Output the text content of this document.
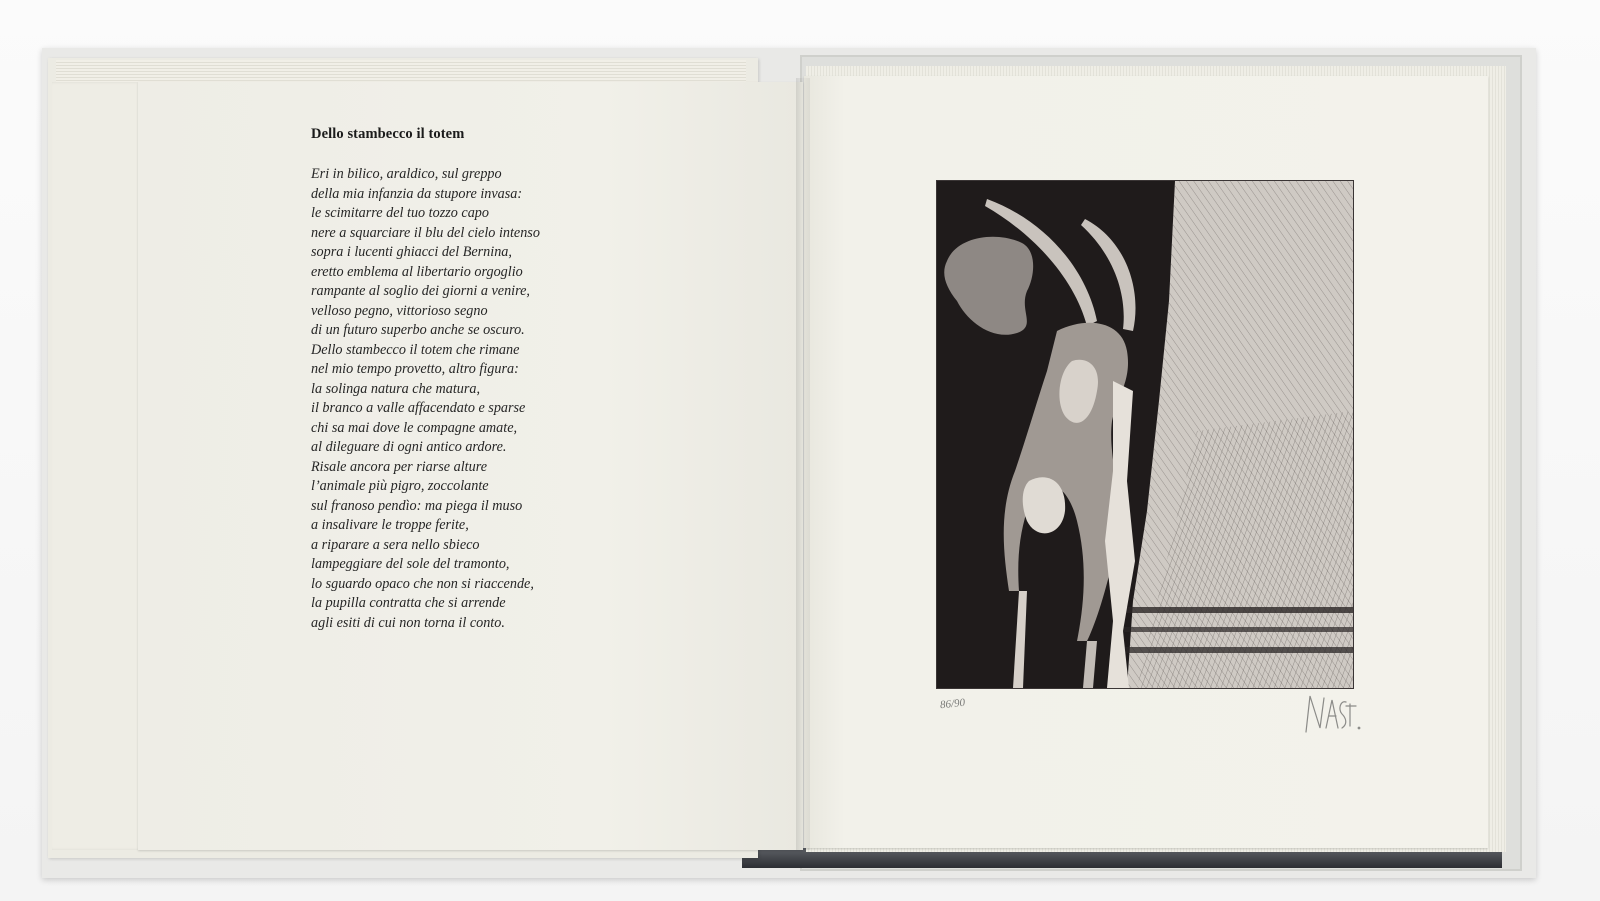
Dello stambecco il totem
Eri in bilico, araldico, sul greppo
della mia infanzia da stupore invasa:
le scimitarre del tuo tozzo capo
nere a squarciare il blu del cielo intenso
sopra i lucenti ghiacci del Bernina,
eretto emblema al libertario orgoglio
rampante al soglio dei giorni a venire,
velloso pegno, vittorioso segno
di un futuro superbo anche se oscuro.
Dello stambecco il totem che rimane
nel mio tempo provetto, altro figura:
la solinga natura che matura,
il branco a valle affacendato e sparse
chi sa mai dove le compagne amate,
al dileguare di ogni antico ardore.
Risale ancora per riarse alture
l’animale più pigro, zoccolante
sul franoso pendìo: ma piega il muso
a insalivare le troppe ferite,
a riparare a sera nello sbieco
lampeggiare del sole del tramonto,
lo sguardo opaco che non si riaccende,
la pupilla contratta che si arrende
agli esiti di cui non torna il conto.
86/90
